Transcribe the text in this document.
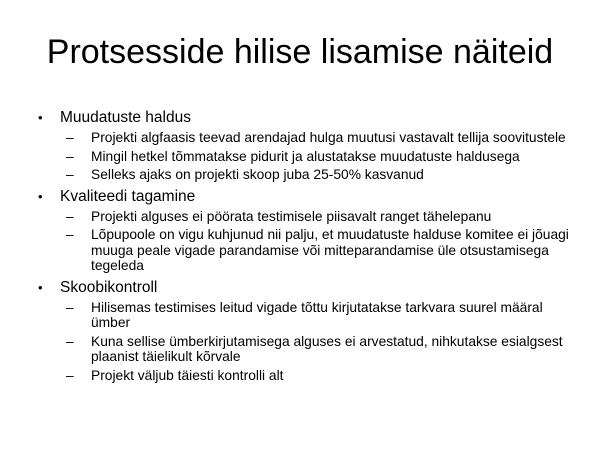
Protsesside hilise lisamise näiteid
• Muudatuste haldus
– Projekti algfaasis teevad arendajad hulga muutusi vastavalt tellija soovitustele
– Mingil hetkel tõmmatakse pidurit ja alustatakse muudatuste haldusega
– Selleks ajaks on projekti skoop juba 25-50% kasvanud
• Kvaliteedi tagamine
– Projekti alguses ei pöörata testimisele piisavalt ranget tähelepanu
– Lõpupoole on vigu kuhjunud nii palju, et muudatuste halduse komitee ei jõuagi muuga peale vigade parandamise või mitteparandamise üle otsustamisega tegeleda
• Skoobikontroll
– Hilisemas testimises leitud vigade tõttu kirjutatakse tarkvara suurel määral ümber
– Kuna sellise ümberkirjutamisega alguses ei arvestatud, nihkutakse esialgsest plaanist täielikult kõrvale
– Projekt väljub täiesti kontrolli alt
